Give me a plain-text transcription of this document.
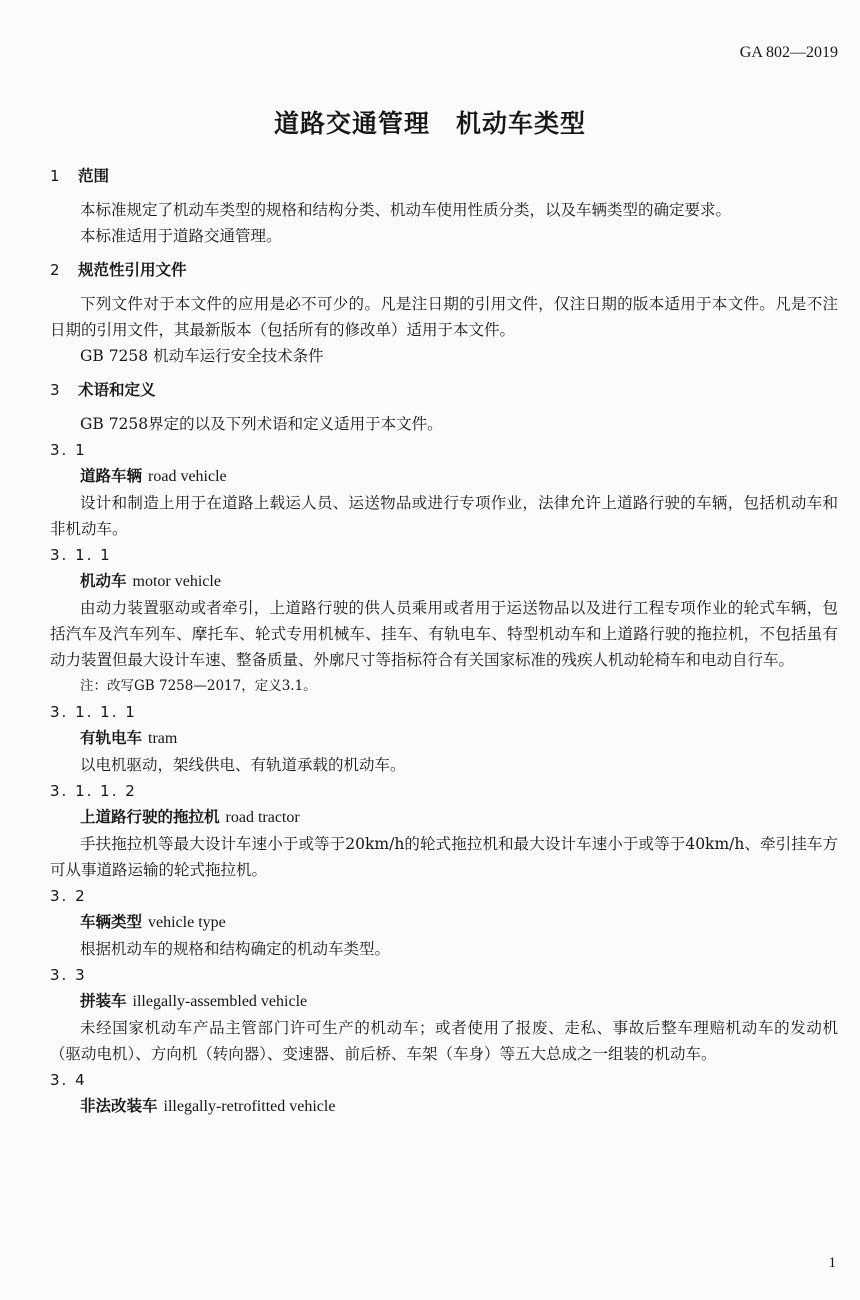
GA 802—2019
道路交通管理　机动车类型
1 范围
本标准规定了机动车类型的规格和结构分类、机动车使用性质分类，以及车辆类型的确定要求。
本标准适用于道路交通管理。
2 规范性引用文件
下列文件对于本文件的应用是必不可少的。凡是注日期的引用文件，仅注日期的版本适用于本文件。凡是不注日期的引用文件，其最新版本（包括所有的修改单）适用于本文件。
GB 7258 机动车运行安全技术条件
3 术语和定义
GB 7258界定的以及下列术语和定义适用于本文件。
3. 1
道路车辆 road vehicle
设计和制造上用于在道路上载运人员、运送物品或进行专项作业，法律允许上道路行驶的车辆，包括机动车和非机动车。
3. 1. 1
机动车 motor vehicle
由动力装置驱动或者牵引，上道路行驶的供人员乘用或者用于运送物品以及进行工程专项作业的轮式车辆，包括汽车及汽车列车、摩托车、轮式专用机械车、挂车、有轨电车、特型机动车和上道路行驶的拖拉机，不包括虽有动力装置但最大设计车速、整备质量、外廓尺寸等指标符合有关国家标准的残疾人机动轮椅车和电动自行车。
注：改写GB 7258—2017，定义3.1。
3. 1. 1. 1
有轨电车 tram
以电机驱动，架线供电、有轨道承载的机动车。
3. 1. 1. 2
上道路行驶的拖拉机 road tractor
手扶拖拉机等最大设计车速小于或等于20km/h的轮式拖拉机和最大设计车速小于或等于40km/h、牵引挂车方可从事道路运输的轮式拖拉机。
3. 2
车辆类型 vehicle type
根据机动车的规格和结构确定的机动车类型。
3. 3
拼装车 illegally-assembled vehicle
未经国家机动车产品主管部门许可生产的机动车；或者使用了报废、走私、事故后整车理赔机动车的发动机（驱动电机）、方向机（转向器）、变速器、前后桥、车架（车身）等五大总成之一组装的机动车。
3. 4
非法改装车 illegally-retrofitted vehicle
1
